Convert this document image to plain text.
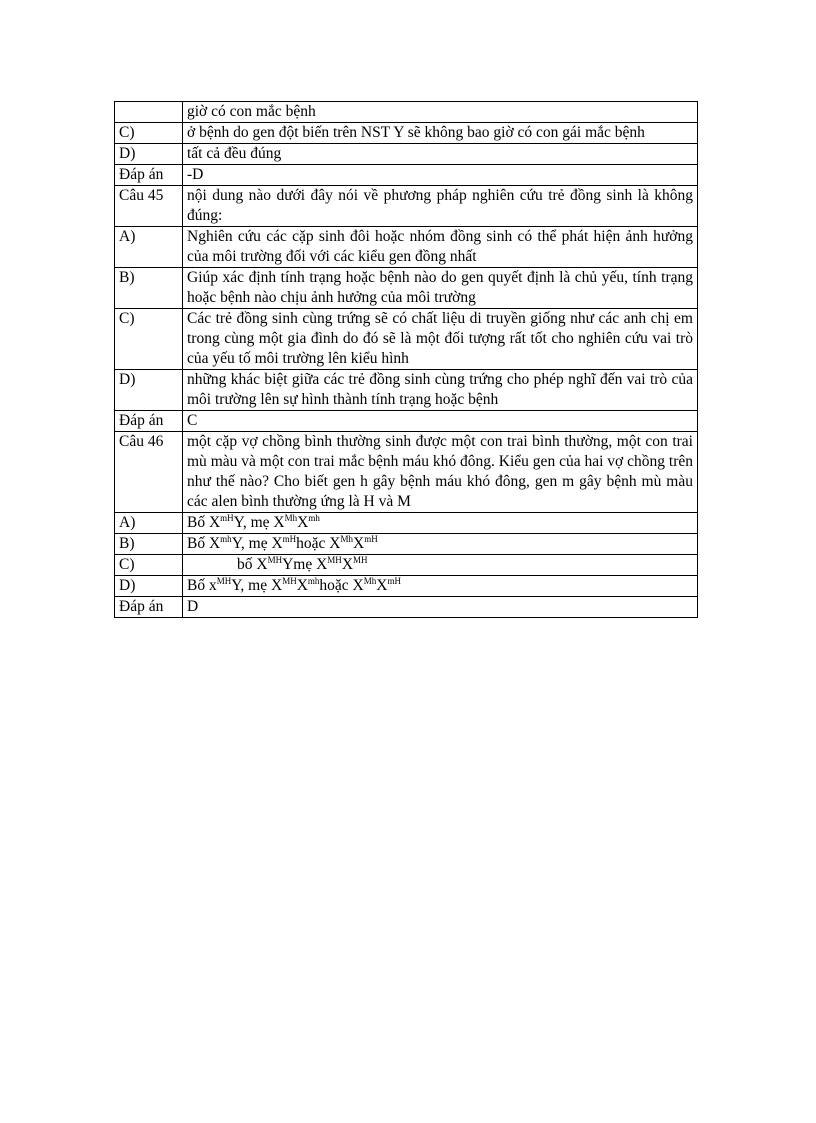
	giờ có con mắc bệnh
C)	ở bệnh do gen đột biến trên NST Y sẽ không bao giờ có con gái mắc bệnh
D)	tất cả đều đúng
Đáp án	-D
Câu 45	nội dung nào dưới đây nói về phương pháp nghiên cứu trẻ đồng sinh là không đúng:
A)	Nghiên cứu các cặp sinh đôi hoặc nhóm đồng sinh có thể phát hiện ảnh hưởng của môi trường đối với các kiểu gen đồng nhất
B)	Giúp xác định tính trạng hoặc bệnh nào do gen quyết định là chủ yếu, tính trạng hoặc bệnh nào chịu ảnh hưởng của môi trường
C)	Các trẻ đồng sinh cùng trứng sẽ có chất liệu di truyền giống như các anh chị em trong cùng một gia đình do đó sẽ là một đối tượng rất tốt cho nghiên cứu vai trò của yếu tố môi trường lên kiểu hình
D)	những khác biệt giữa các trẻ đồng sinh cùng trứng cho phép nghĩ đến vai trò của môi trường lên sự hình thành tính trạng hoặc bệnh
Đáp án	C
Câu 46	một cặp vợ chồng bình thường sinh được một con trai bình thường, một con trai mù màu và một con trai mắc bệnh máu khó đông. Kiểu gen của hai vợ chồng trên như thế nào? Cho biết gen h gây bệnh máu khó đông, gen m gây bệnh mù màu các alen bình thường ứng là H và M
A)	Bố $X^{mH}Y$, mẹ $X^{Mh}X^{mh}$
B)	Bố $X^{mh}Y$, mẹ $X^{mH}hoặc$ $X^{Mh}X^{mH}$
C)	bố $X^{MH}Ymẹ$ $X^{MH}X^{MH}$
D)	Bố $x^{MH}Y$, mẹ $X^{MH}X^{mh}hoặc$ $X^{Mh}X^{mH}$
Đáp án	D
